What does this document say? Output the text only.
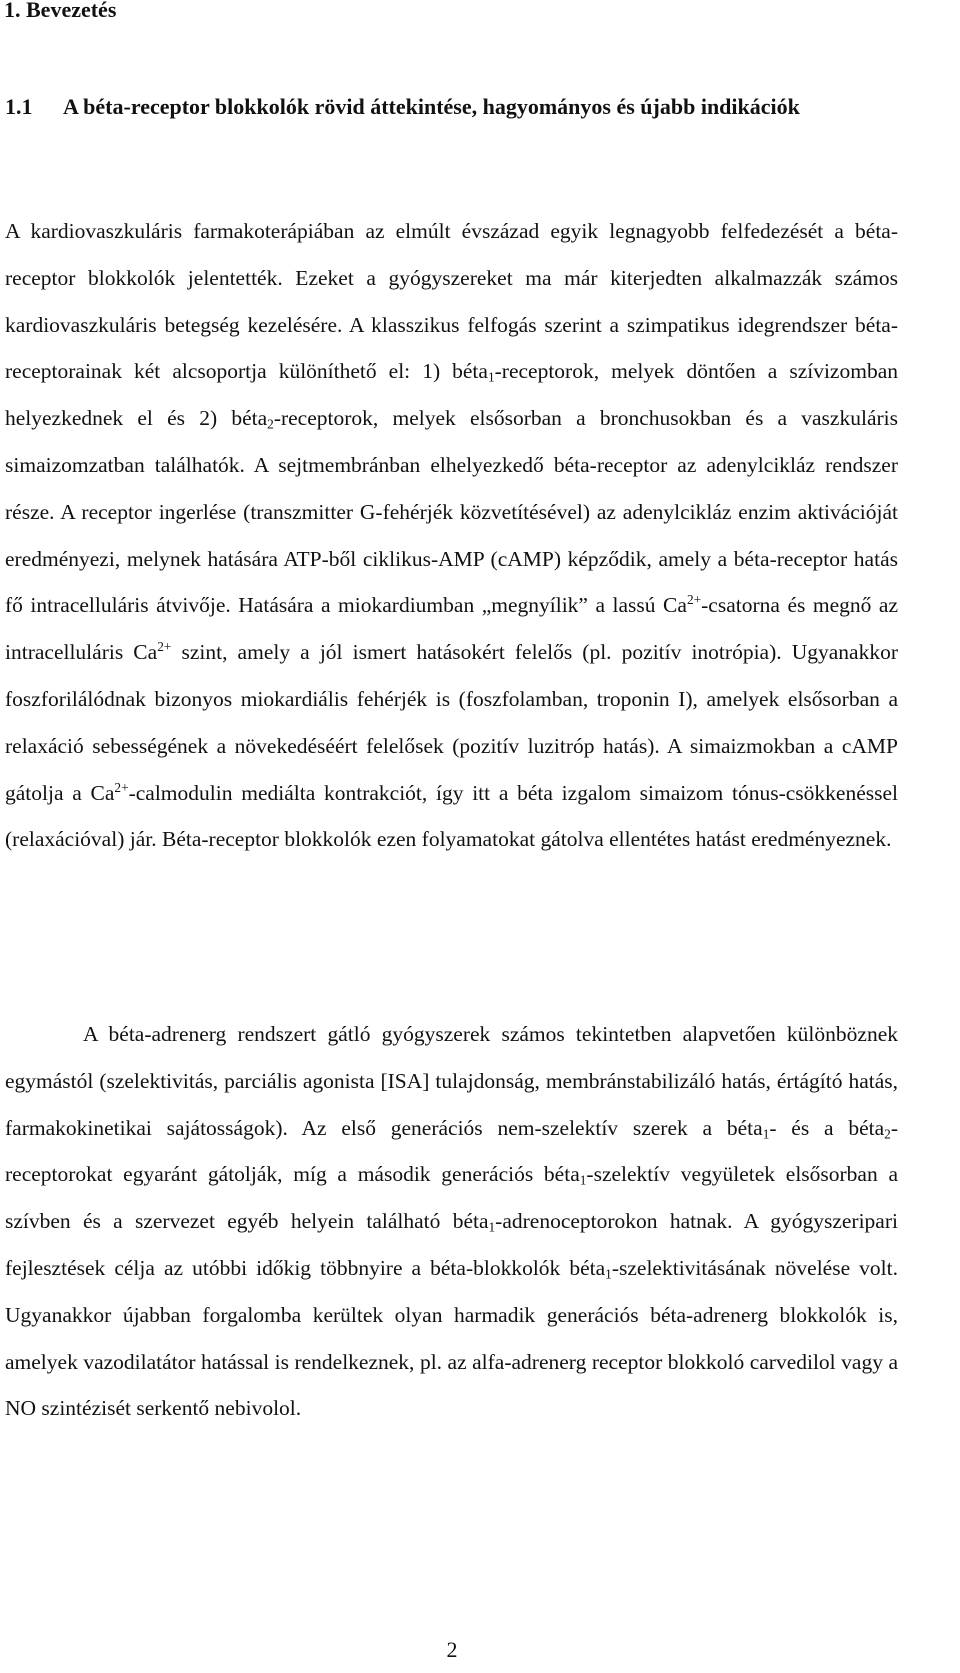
1. Bevezetés
1.1 A béta-receptor blokkolók rövid áttekintése, hagyományos és újabb indikációk

A kardiovaszkuláris farmakoterápiában az elmúlt évszázad egyik legnagyobb felfedezését a béta-receptor blokkolók jelentették. Ezeket a gyógyszereket ma már kiterjedten alkalmazzák számos kardiovaszkuláris betegség kezelésére. A klasszikus felfogás szerint a szimpatikus idegrendszer béta-receptorainak két alcsoportja különíthető el: 1) béta$_1$-receptorok, melyek döntően a szívizomban helyezkednek el és 2) béta$_2$-receptorok, melyek elsősorban a bronchusokban és a vaszkuláris simaizomzatban találhatók. A sejtmembránban elhelyezkedő béta-receptor az adenylcikláz rendszer része. A receptor ingerlése (transzmitter G-fehérjék közvetítésével) az adenylcikláz enzim aktivációját eredményezi, melynek hatására ATP-ből ciklikus-AMP (cAMP) képződik, amely a béta-receptor hatás fő intracelluláris átvivője. Hatására a miokardiumban „megnyílik” a lassú $Ca^{2+}$-csatorna és megnő az intracelluláris $Ca^{2+}$ szint, amely a jól ismert hatásokért felelős (pl. pozitív inotrópia). Ugyanakkor foszforilálódnak bizonyos miokardiális fehérjék is (foszfolamban, troponin I), amelyek elsősorban a relaxáció sebességének a növekedéséért felelősek (pozitív luzitróp hatás). A simaizmokban a cAMP gátolja a $Ca^{2+}$-calmodulin mediálta kontrakciót, így itt a béta izgalom simaizom tónus-csökkenéssel (relaxációval) jár. Béta-receptor blokkolók ezen folyamatokat gátolva ellentétes hatást eredményeznek.

A béta-adrenerg rendszert gátló gyógyszerek számos tekintetben alapvetően különböznek egymástól (szelektivitás, parciális agonista [ISA] tulajdonság, membránstabilizáló hatás, értágító hatás, farmakokinetikai sajátosságok). Az első generációs nem-szelektív szerek a béta$_1$- és a béta$_2$-receptorokat egyaránt gátolják, míg a második generációs béta$_1$-szelektív vegyületek elsősorban a szívben és a szervezet egyéb helyein található béta$_1$-adrenoceptorokon hatnak. A gyógyszeripari fejlesztések célja az utóbbi időkig többnyire a béta-blokkolók béta$_1$-szelektivitásának növelése volt. Ugyanakkor újabban forgalomba kerültek olyan harmadik generációs béta-adrenerg blokkolók is, amelyek vazodilatátor hatással is rendelkeznek, pl. az alfa-adrenerg receptor blokkoló carvedilol vagy a NO szintézisét serkentő nebivolol.

2
